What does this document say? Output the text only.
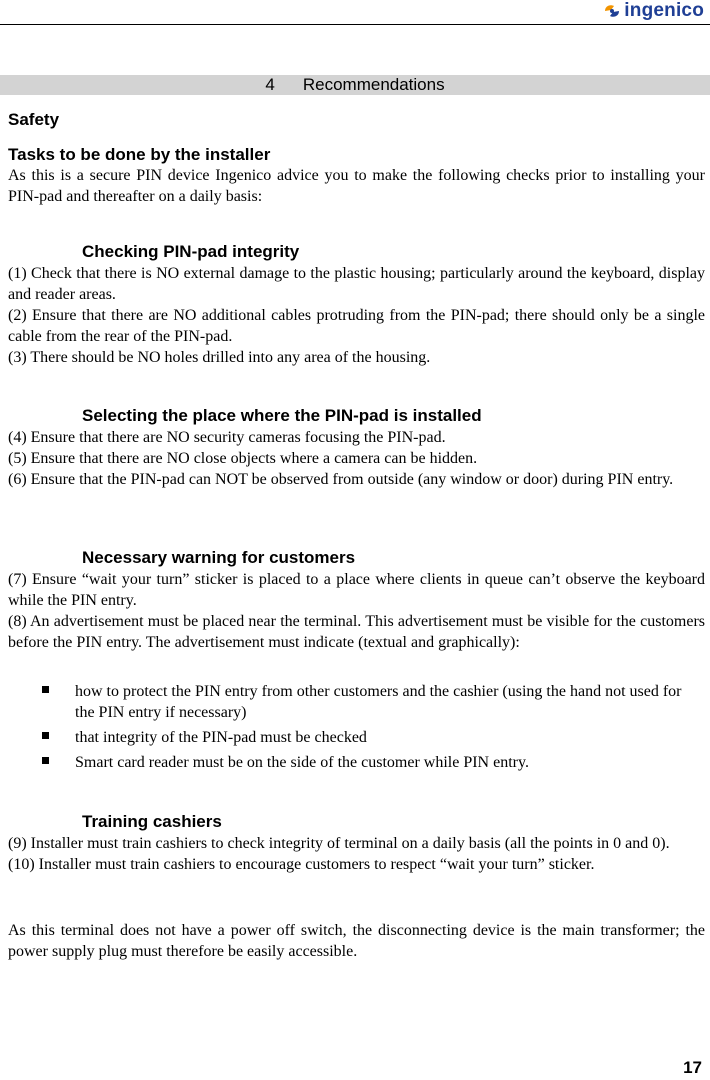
ingenico
4 Recommendations
Safety
Tasks to be done by the installer

As this is a secure PIN device Ingenico advice you to make the following checks prior to installing your PIN-pad and thereafter on a daily basis:

Checking PIN-pad integrity

(1) Check that there is NO external damage to the plastic housing; particularly around the keyboard, display and reader areas.

(2) Ensure that there are NO additional cables protruding from the PIN-pad; there should only be a single cable from the rear of the PIN-pad.

(3) There should be NO holes drilled into any area of the housing.

Selecting the place where the PIN-pad is installed

(4) Ensure that there are NO security cameras focusing the PIN-pad.

(5) Ensure that there are NO close objects where a camera can be hidden.

(6) Ensure that the PIN-pad can NOT be observed from outside (any window or door) during PIN entry.

Necessary warning for customers

(7) Ensure “wait your turn” sticker is placed to a place where clients in queue can’t observe the keyboard while the PIN entry.

(8) An advertisement must be placed near the terminal. This advertisement must be visible for the customers before the PIN entry. The advertisement must indicate (textual and graphically):

how to protect the PIN entry from other customers and the cashier (using the hand not used for the PIN entry if necessary)
that integrity of the PIN-pad must be checked
Smart card reader must be on the side of the customer while PIN entry.
Training cashiers

(9) Installer must train cashiers to check integrity of terminal on a daily basis (all the points in 0 and 0).

(10) Installer must train cashiers to encourage customers to respect “wait your turn” sticker.

As this terminal does not have a power off switch, the disconnecting device is the main transformer; the power supply plug must therefore be easily accessible.

17
